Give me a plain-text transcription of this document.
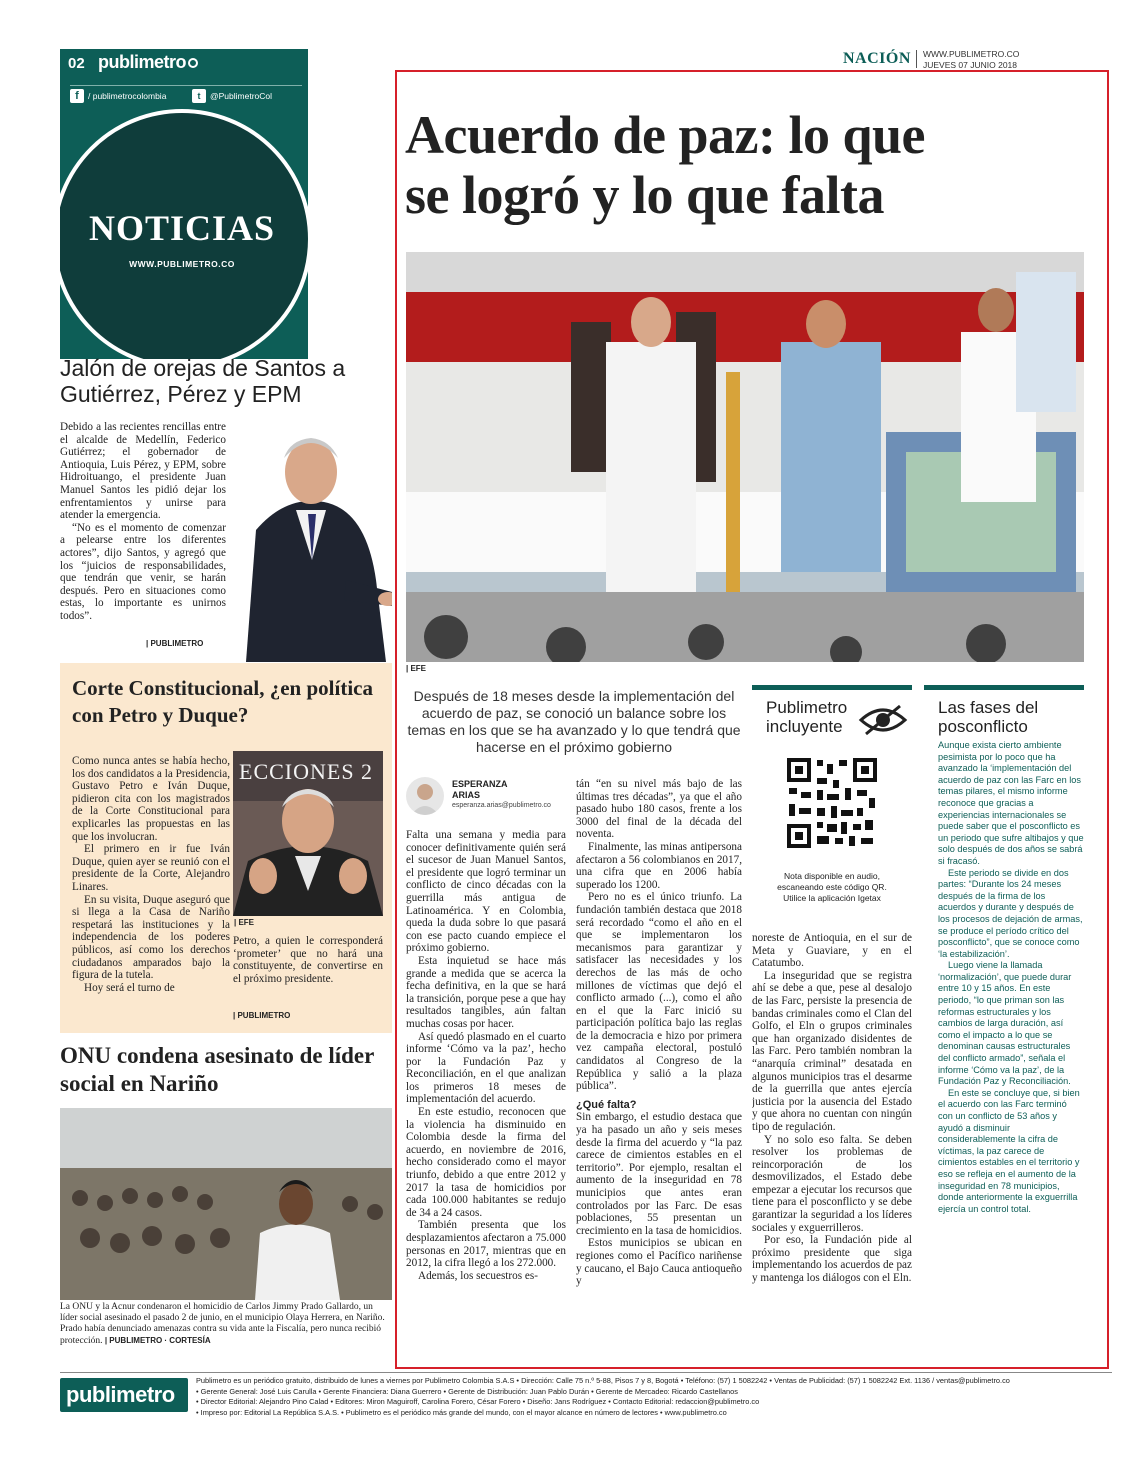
02 publimetro
f	/ publimetrocolombia	t	@PublimetroCol
NOTICIAS
WWW.PUBLIMETRO.CO
NACIÓN WWW.PUBLIMETRO.CO
JUEVES 07 JUNIO 2018
Jalón de orejas de Santos a Gutiérrez, Pérez y EPM

Debido a las recientes rencillas entre el alcalde de Medellín, Federico Gutiérrez; el gobernador de Antioquia, Luis Pérez, y EPM, sobre Hidroituango, el presidente Juan Manuel Santos les pidió dejar los enfrentamientos y unirse para atender la emergencia.

“No es el momento de comenzar a pelearse entre los diferentes actores”, dijo Santos, y agregó que los “juicios de responsabilidades, que tendrán que venir, se harán después. Pero en situaciones como estas, lo importante es unirnos todos”.

| PUBLIMETRO
Corte Constitucional, ¿en política con Petro y Duque?

Como nunca antes se había hecho, los dos candidatos a la Presidencia, Gustavo Petro e Iván Duque, pidieron cita con los magistrados de la Corte Constitucional para explicarles las propuestas en las que los involucran.

El primero en ir fue Iván Duque, quien ayer se reunió con el presidente de la Corte, Alejandro Linares.

En su visita, Duque aseguró que si llega a la Casa de Nariño respetará las instituciones y la independencia de los poderes públicos, así como los derechos ciudadanos amparados bajo la figura de la tutela.

Hoy será el turno de

ECCIONES 2
| EFE
Petro, a quien le corresponderá ‘prometer’ que no hará una constituyente, de convertirse en el próximo presidente.
| PUBLIMETRO
ONU condena asesinato de líder social en Nariño
La ONU y la Acnur condenaron el homicidio de Carlos Jimmy Prado Gallardo, un líder social asesinado el pasado 2 de junio, en el municipio Olaya Herrera, en Nariño. Prado había denunciado amenazas contra su vida ante la Fiscalía, pero nunca recibió protección. | PUBLIMETRO · CORTESÍA
Acuerdo de paz: lo que
se logró y lo que falta
| EFE
Después de 18 meses desde la implementación del acuerdo de paz, se conoció un balance sobre los temas en los que se ha avanzado y lo que tendrá que hacerse en el próximo gobierno
ESPERANZA
ARIAS
esperanza.arias@publimetro.co

Falta una semana y media para conocer definitivamente quién será el sucesor de Juan Manuel Santos, el presidente que logró terminar un conflicto de cinco décadas con la guerrilla más antigua de Latinoamérica. Y en Colombia, queda la duda sobre lo que pasará con ese pacto cuando empiece el próximo gobierno.

Esta inquietud se hace más grande a medida que se acerca la fecha definitiva, en la que se hará la transición, porque pese a que hay resultados tangibles, aún faltan muchas cosas por hacer.

Así quedó plasmado en el cuarto informe ‘Cómo va la paz’, hecho por la Fundación Paz y Reconciliación, en el que analizan los primeros 18 meses de implementación del acuerdo.

En este estudio, reconocen que la violencia ha disminuido en Colombia desde la firma del acuerdo, en noviembre de 2016, hecho considerado como el mayor triunfo, debido a que entre 2012 y 2017 la tasa de homicidios por cada 100.000 habitantes se redujo de 34 a 24 casos.

También presenta que los desplazamientos afectaron a 75.000 personas en 2017, mientras que en 2012, la cifra llegó a los 272.000.

Además, los secuestros es-

tán “en su nivel más bajo de las últimas tres décadas”, ya que el año pasado hubo 180 casos, frente a los 3000 del final de la década del noventa.

Finalmente, las minas antipersona afectaron a 56 colombianos en 2017, una cifra que en 2006 había superado los 1200.

Pero no es el único triunfo. La fundación también destaca que 2018 será recordado “como el año en el que se implementaron los mecanismos para garantizar y satisfacer las necesidades y los derechos de las más de ocho millones de víctimas que dejó el conflicto armado (...), como el año en el que la Farc inició su participación política bajo las reglas de la democracia e hizo por primera vez campaña electoral, postuló candidatos al Congreso de la República y salió a la plaza pública”.

¿Qué falta?

Sin embargo, el estudio destaca que ya ha pasado un año y seis meses desde la firma del acuerdo y “la paz carece de cimientos estables en el territorio”. Por ejemplo, resaltan el aumento de la inseguridad en 78 municipios que antes eran controlados por las Farc. De esas poblaciones, 55 presentan un crecimiento en la tasa de homicidios.

Estos municipios se ubican en regiones como el Pacífico nariñense y caucano, el Bajo Cauca antioqueño y

Publimetro
incluyente
Nota disponible en audio,
escaneando este código QR.
Utilice la aplicación Igetax

noreste de Antioquia, en el sur de Meta y Guaviare, y en el Catatumbo.

La inseguridad que se registra ahí se debe a que, pese al desalojo de las Farc, persiste la presencia de bandas criminales como el Clan del Golfo, el Eln o grupos criminales que han organizado disidentes de las Farc. Pero también nombran la “anarquía criminal” desatada en algunos municipios tras el desarme de la guerrilla que antes ejercía justicia por la ausencia del Estado y que ahora no cuentan con ningún tipo de regulación.

Y no solo eso falta. Se deben resolver los problemas de reincorporación de los desmovilizados, el Estado debe empezar a ejecutar los recursos que tiene para el posconflicto y se debe garantizar la seguridad a los líderes sociales y exguerrilleros.

Por eso, la Fundación pide al próximo presidente que siga implementando los acuerdos de paz y mantenga los diálogos con el Eln.

Las fases del
posconflicto

Aunque exista cierto ambiente pesimista por lo poco que ha avanzado la ‘implementación del acuerdo de paz con las Farc en los temas pilares, el mismo informe reconoce que gracias a experiencias internacionales se puede saber que el posconflicto es un periodo que sufre altibajos y que solo después de dos años se sabrá si fracasó.

Este periodo se divide en dos partes: “Durante los 24 meses después de la firma de los acuerdos y durante y después de los procesos de dejación de armas, se produce el período crítico del posconflicto”, que se conoce como ‘la estabilización’.

Luego viene la llamada ‘normalización’, que puede durar entre 10 y 15 años. En este periodo, “lo que priman son las reformas estructurales y los cambios de larga duración, así como el impacto a lo que se denominan causas estructurales del conflicto armado”, señala el informe ‘Cómo va la paz’, de la Fundación Paz y Reconciliación.

En este se concluye que, si bien el acuerdo con las Farc terminó con un conflicto de 53 años y ayudó a disminuir considerablemente la cifra de víctimas, la paz carece de cimientos estables en el territorio y eso se refleja en el aumento de la inseguridad en 78 municipios, donde anteriormente la exguerrilla ejercía un control total.

publimetro
Publimetro es un periódico gratuito, distribuido de lunes a viernes por Publimetro Colombia S.A.S • Dirección: Calle 75 n.º 5-88, Pisos 7 y 8, Bogotá • Teléfono: (57) 1 5082242 • Ventas de Publicidad: (57) 1 5082242 Ext. 1136 / ventas@publimetro.co
• Gerente General: José Luis Carulla • Gerente Financiera: Diana Guerrero • Gerente de Distribución: Juan Pablo Durán • Gerente de Mercadeo: Ricardo Castellanos
• Director Editorial: Alejandro Pino Calad • Editores: Miron Maguiroff, Carolina Forero, César Forero • Diseño: Jans Rodríguez • Contacto Editorial: redaccion@publimetro.co
• Impreso por: Editorial La República S.A.S. • Publimetro es el periódico más grande del mundo, con el mayor alcance en número de lectores • www.publimetro.co
